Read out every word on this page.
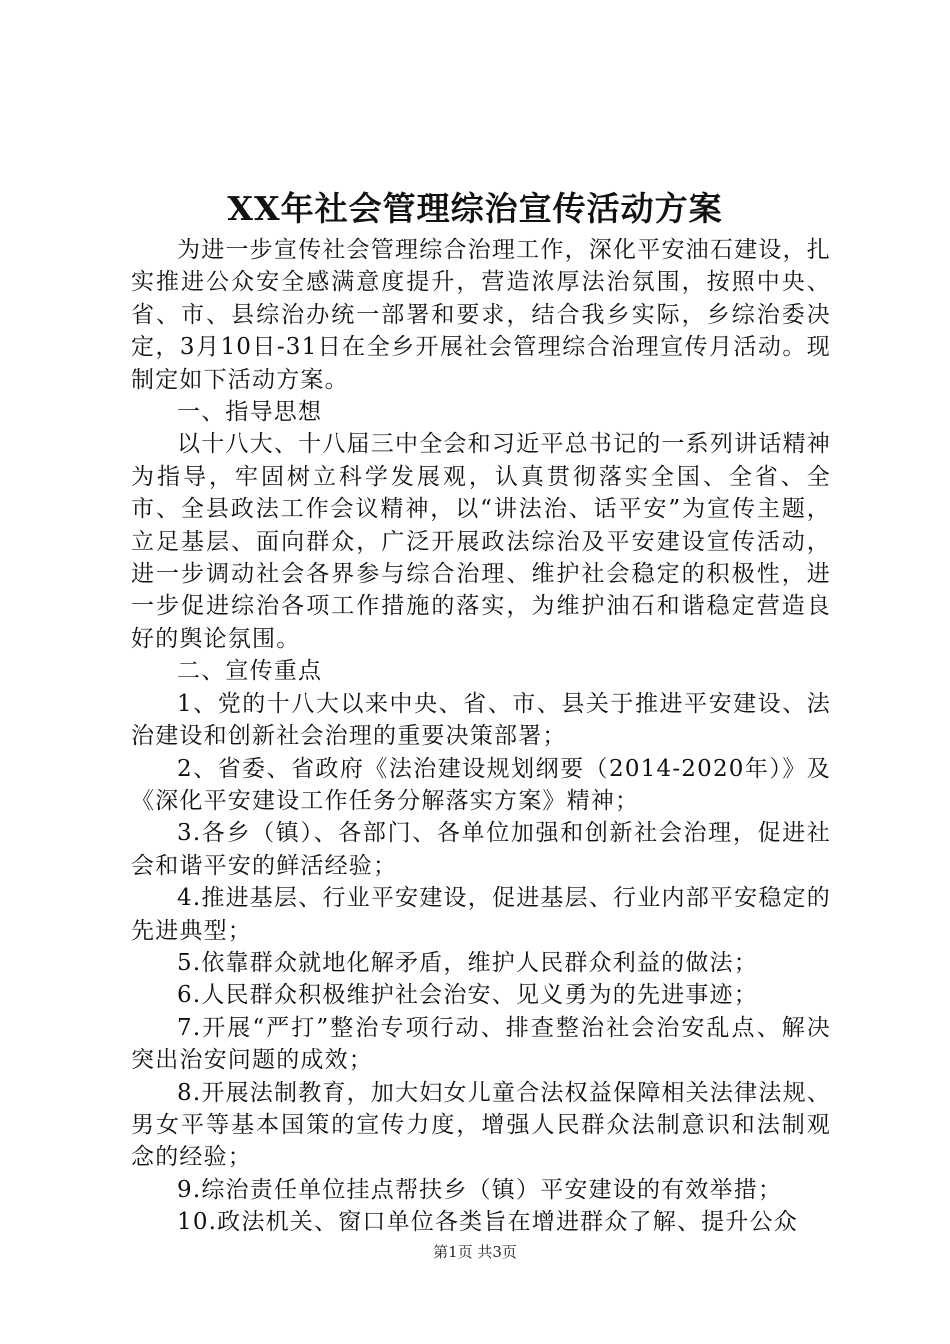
XX年社会管理综治宣传活动方案

为进一步宣传社会管理综合治理工作，深化平安油石建设，扎实推进公众安全感满意度提升，营造浓厚法治氛围，按照中央、省、市、县综治办统一部署和要求，结合我乡实际，乡综治委决定，3月10日-31日在全乡开展社会管理综合治理宣传月活动。现制定如下活动方案。

一、指导思想

以十八大、十八届三中全会和习近平总书记的一系列讲话精神为指导，牢固树立科学发展观，认真贯彻落实全国、全省、全市、全县政法工作会议精神，以“讲法治、话平安”为宣传主题，立足基层、面向群众，广泛开展政法综治及平安建设宣传活动，进一步调动社会各界参与综合治理、维护社会稳定的积极性，进一步促进综治各项工作措施的落实，为维护油石和谐稳定营造良好的舆论氛围。

二、宣传重点

1、党的十八大以来中央、省、市、县关于推进平安建设、法治建设和创新社会治理的重要决策部署；

2、省委、省政府《法治建设规划纲要（2014-2020年）》及《深化平安建设工作任务分解落实方案》精神；

3.各乡（镇）、各部门、各单位加强和创新社会治理，促进社会和谐平安的鲜活经验；

4.推进基层、行业平安建设，促进基层、行业内部平安稳定的先进典型；

5.依靠群众就地化解矛盾，维护人民群众利益的做法；

6.人民群众积极维护社会治安、见义勇为的先进事迹；

7.开展“严打”整治专项行动、排查整治社会治安乱点、解决突出治安问题的成效；

8.开展法制教育，加大妇女儿童合法权益保障相关法律法规、男女平等基本国策的宣传力度，增强人民群众法制意识和法制观念的经验；

9.综治责任单位挂点帮扶乡（镇）平安建设的有效举措；

10.政法机关、窗口单位各类旨在增进群众了解、提升公众

第1页 共3页
